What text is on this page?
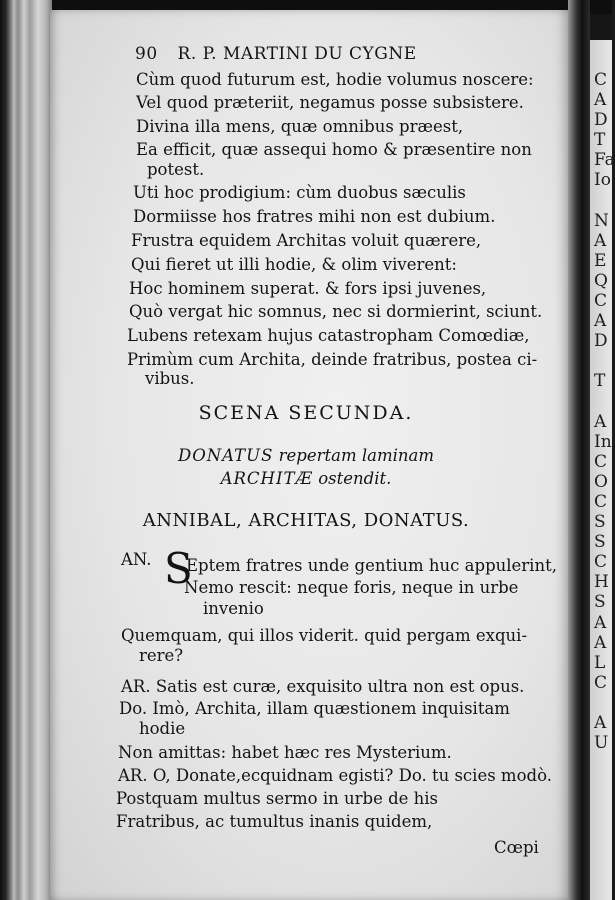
C
A
D
T
Fa
Io

N
A
E
Q
C
A
D

T

A
In
C
O
C
S
S
C
H
S
A
A
L
C

A
U
90 R. P. MARTINI DU CYGNE
Cùm quod futurum est, hodie volumus noscere:
Vel quod præteriit, negamus posse subsistere.
Divina illa mens, quæ omnibus præest,
Ea efficit, quæ assequi homo & præsentire non
potest.
Uti hoc prodigium: cùm duobus sæculis
Dormiisse hos fratres mihi non est dubium.
Frustra equidem Architas voluit quærere,
Qui fieret ut illi hodie, & olim viverent:
Hoc hominem superat. & fors ipsi juvenes,
Quò vergat hic somnus, nec si dormierint, sciunt.
Lubens retexam hujus catastropham Comœdiæ,
Primùm cum Archita, deinde fratribus, postea ci-
vibus.
SCENA SECUNDA.
DONATUS repertam laminam
ARCHITÆ ostendit.
ANNIBAL, ARCHITAS, DONATUS.
AN. S
Eptem fratres unde gentium huc appulerint,
Nemo rescit: neque foris, neque in urbe
invenio
Quemquam, qui illos viderit. quid pergam exqui-
rere?
AR. Satis est curæ, exquisito ultra non est opus.
Do. Imò, Archita, illam quæstionem inquisitam
hodie
Non amittas: habet hæc res Mysterium.
AR. O, Donate,ecquidnam egisti? Do. tu scies modò.
Postquam multus sermo in urbe de his
Fratribus, ac tumultus inanis quidem,
Cœpi
